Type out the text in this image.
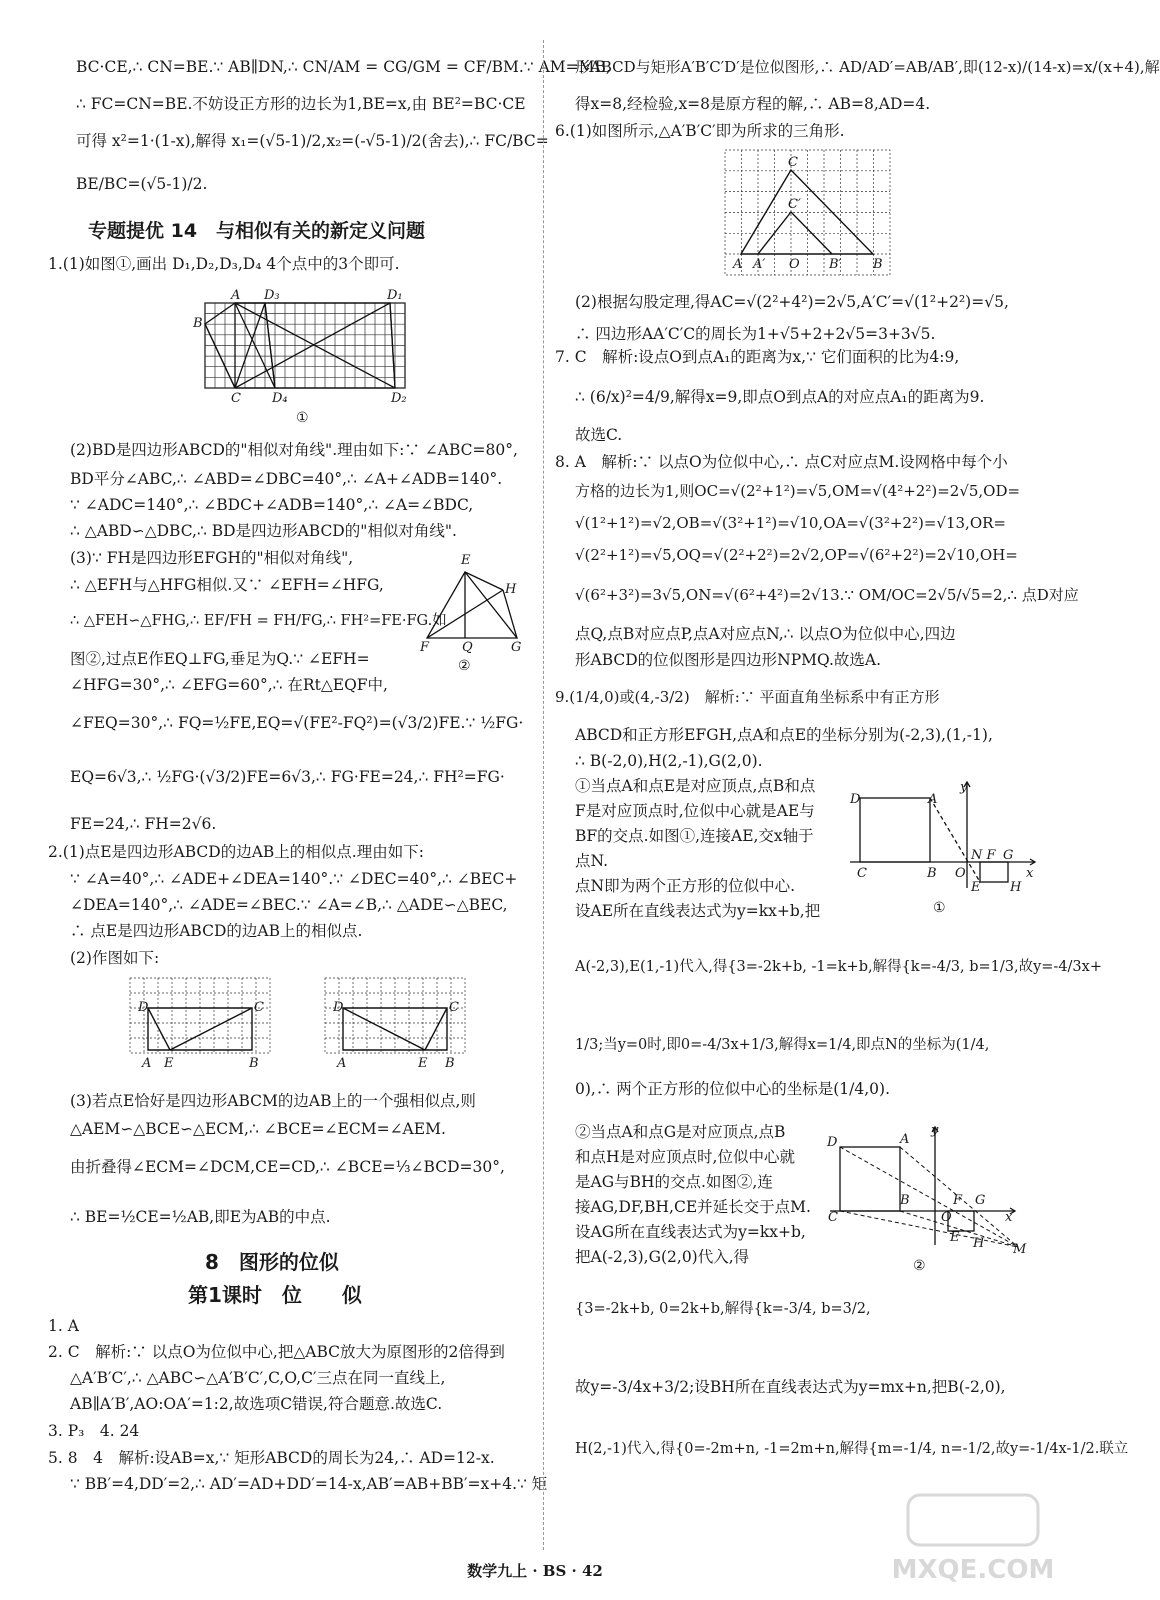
BC·CE,∴ CN=BE.∵ AB∥DN,∴ CN/AM = CG/GM = CF/BM.∵ AM=MB,
∴ FC=CN=BE.不妨设正方形的边长为1,BE=x,由 BE²=BC·CE
可得 x²=1·(1-x),解得 x₁=(√5-1)/2,x₂=(-√5-1)/2(舍去),∴ FC/BC=
BE/BC=(√5-1)/2.
专题提优 14　与相似有关的新定义问题
1.(1)如图①,画出 D₁,D₂,D₃,D₄ 4个点中的3个即可.
A D₃	D₁
B
C D₄	D₂
①
(2)BD是四边形ABCD的"相似对角线".理由如下:∵ ∠ABC=80°,
BD平分∠ABC,∴ ∠ABD=∠DBC=40°,∴ ∠A+∠ADB=140°.
∵ ∠ADC=140°,∴ ∠BDC+∠ADB=140°,∴ ∠A=∠BDC,
∴ △ABD∽△DBC,∴ BD是四边形ABCD的"相似对角线".
(3)∵ FH是四边形EFGH的"相似对角线",
∴ △EFH与△HFG相似.又∵ ∠EFH=∠HFG,
∴ △FEH∽△FHG,∴ EF/FH = FH/FG,∴ FH²=FE·FG.如
图②,过点E作EQ⊥FG,垂足为Q.∵ ∠EFH=
∠HFG=30°,∴ ∠EFG=60°,∴ 在Rt△EQF中,
E
H
F	Q	G
②
∠FEQ=30°,∴ FQ=½FE,EQ=√(FE²-FQ²)=(√3/2)FE.∵ ½FG·
EQ=6√3,∴ ½FG·(√3/2)FE=6√3,∴ FG·FE=24,∴ FH²=FG·
FE=24,∴ FH=2√6.
2.(1)点E是四边形ABCD的边AB上的相似点.理由如下:
∵ ∠A=40°,∴ ∠ADE+∠DEA=140°.∵ ∠DEC=40°,∴ ∠BEC+
∠DEA=140°,∴ ∠ADE=∠BEC.∵ ∠A=∠B,∴ △ADE∽△BEC,
∴ 点E是四边形ABCD的边AB上的相似点.
(2)作图如下:
D	C
A E	B
D	C
A	E B
(3)若点E恰好是四边形ABCM的边AB上的一个强相似点,则
△AEM∽△BCE∽△ECM,∴ ∠BCE=∠ECM=∠AEM.
由折叠得∠ECM=∠DCM,CE=CD,∴ ∠BCE=⅓∠BCD=30°,
∴ BE=½CE=½AB,即E为AB的中点.
8　图形的位似
第1课时　位　　似
1. A
2. C　解析:∵ 以点O为位似中心,把△ABC放大为原图形的2倍得到
△A′B′C′,∴ △ABC∽△A′B′C′,C,O,C′三点在同一直线上,
AB∥A′B′,AO:OA′=1:2,故选项C错误,符合题意.故选C.
3. P₃　4. 24
5. 8　4　解析:设AB=x,∵ 矩形ABCD的周长为24,∴ AD=12-x.
∵ BB′=4,DD′=2,∴ AD′=AD+DD′=14-x,AB′=AB+BB′=x+4.∵ 矩
形ABCD与矩形A′B′C′D′是位似图形,∴ AD/AD′=AB/AB′,即(12-x)/(14-x)=x/(x+4),解
得x=8,经检验,x=8是原方程的解,∴ AB=8,AD=4.
6.(1)如图所示,△A′B′C′即为所求的三角形.
C
C′
A A′ O B′ B
(2)根据勾股定理,得AC=√(2²+4²)=2√5,A′C′=√(1²+2²)=√5,
∴ 四边形AA′C′C的周长为1+√5+2+2√5=3+3√5.
7. C　解析:设点O到点A₁的距离为x,∵ 它们面积的比为4:9,
∴ (6/x)²=4/9,解得x=9,即点O到点A的对应点A₁的距离为9.
故选C.
8. A　解析:∵ 以点O为位似中心,∴ 点C对应点M.设网格中每个小
方格的边长为1,则OC=√(2²+1²)=√5,OM=√(4²+2²)=2√5,OD=
√(1²+1²)=√2,OB=√(3²+1²)=√10,OA=√(3²+2²)=√13,OR=
√(2²+1²)=√5,OQ=√(2²+2²)=2√2,OP=√(6²+2²)=2√10,OH=
√(6²+3²)=3√5,ON=√(6²+4²)=2√13.∵ OM/OC=2√5/√5=2,∴ 点D对应
点Q,点B对应点P,点A对应点N,∴ 以点O为位似中心,四边
形ABCD的位似图形是四边形NPMQ.故选A.
9.(1/4,0)或(4,-3/2)　解析:∵ 平面直角坐标系中有正方形
ABCD和正方形EFGH,点A和点E的坐标分别为(-2,3),(1,-1),
∴ B(-2,0),H(2,-1),G(2,0).
①当点A和点E是对应顶点,点B和点
F是对应顶点时,位似中心就是AE与
BF的交点.如图①,连接AE,交x轴于
点N.
点N即为两个正方形的位似中心.
设AE所在直线表达式为y=kx+b,把
D	A
y
C	B O
N F G
x
E H
①
A(-2,3),E(1,-1)代入,得{3=-2k+b, -1=k+b,解得{k=-4/3, b=1/3,故y=-4/3x+
1/3;当y=0时,即0=-4/3x+1/3,解得x=1/4,即点N的坐标为(1/4,
0),∴ 两个正方形的位似中心的坐标是(1/4,0).
②当点A和点G是对应顶点,点B
和点H是对应顶点时,位似中心就
是AG与BH的交点.如图②,连
接AG,DF,BH,CE并延长交于点M.
设AG所在直线表达式为y=kx+b,
把A(-2,3),G(2,0)代入,得
D	A
y
B
C	O
F G
x
E H M
②
{3=-2k+b, 0=2k+b,解得{k=-3/4, b=3/2,
故y=-3/4x+3/2;设BH所在直线表达式为y=mx+n,把B(-2,0),
H(2,-1)代入,得{0=-2m+n, -1=2m+n,解得{m=-1/4, n=-1/2,故y=-1/4x-1/2.联立
数学九上 · BS · 42	MXQE.COM
